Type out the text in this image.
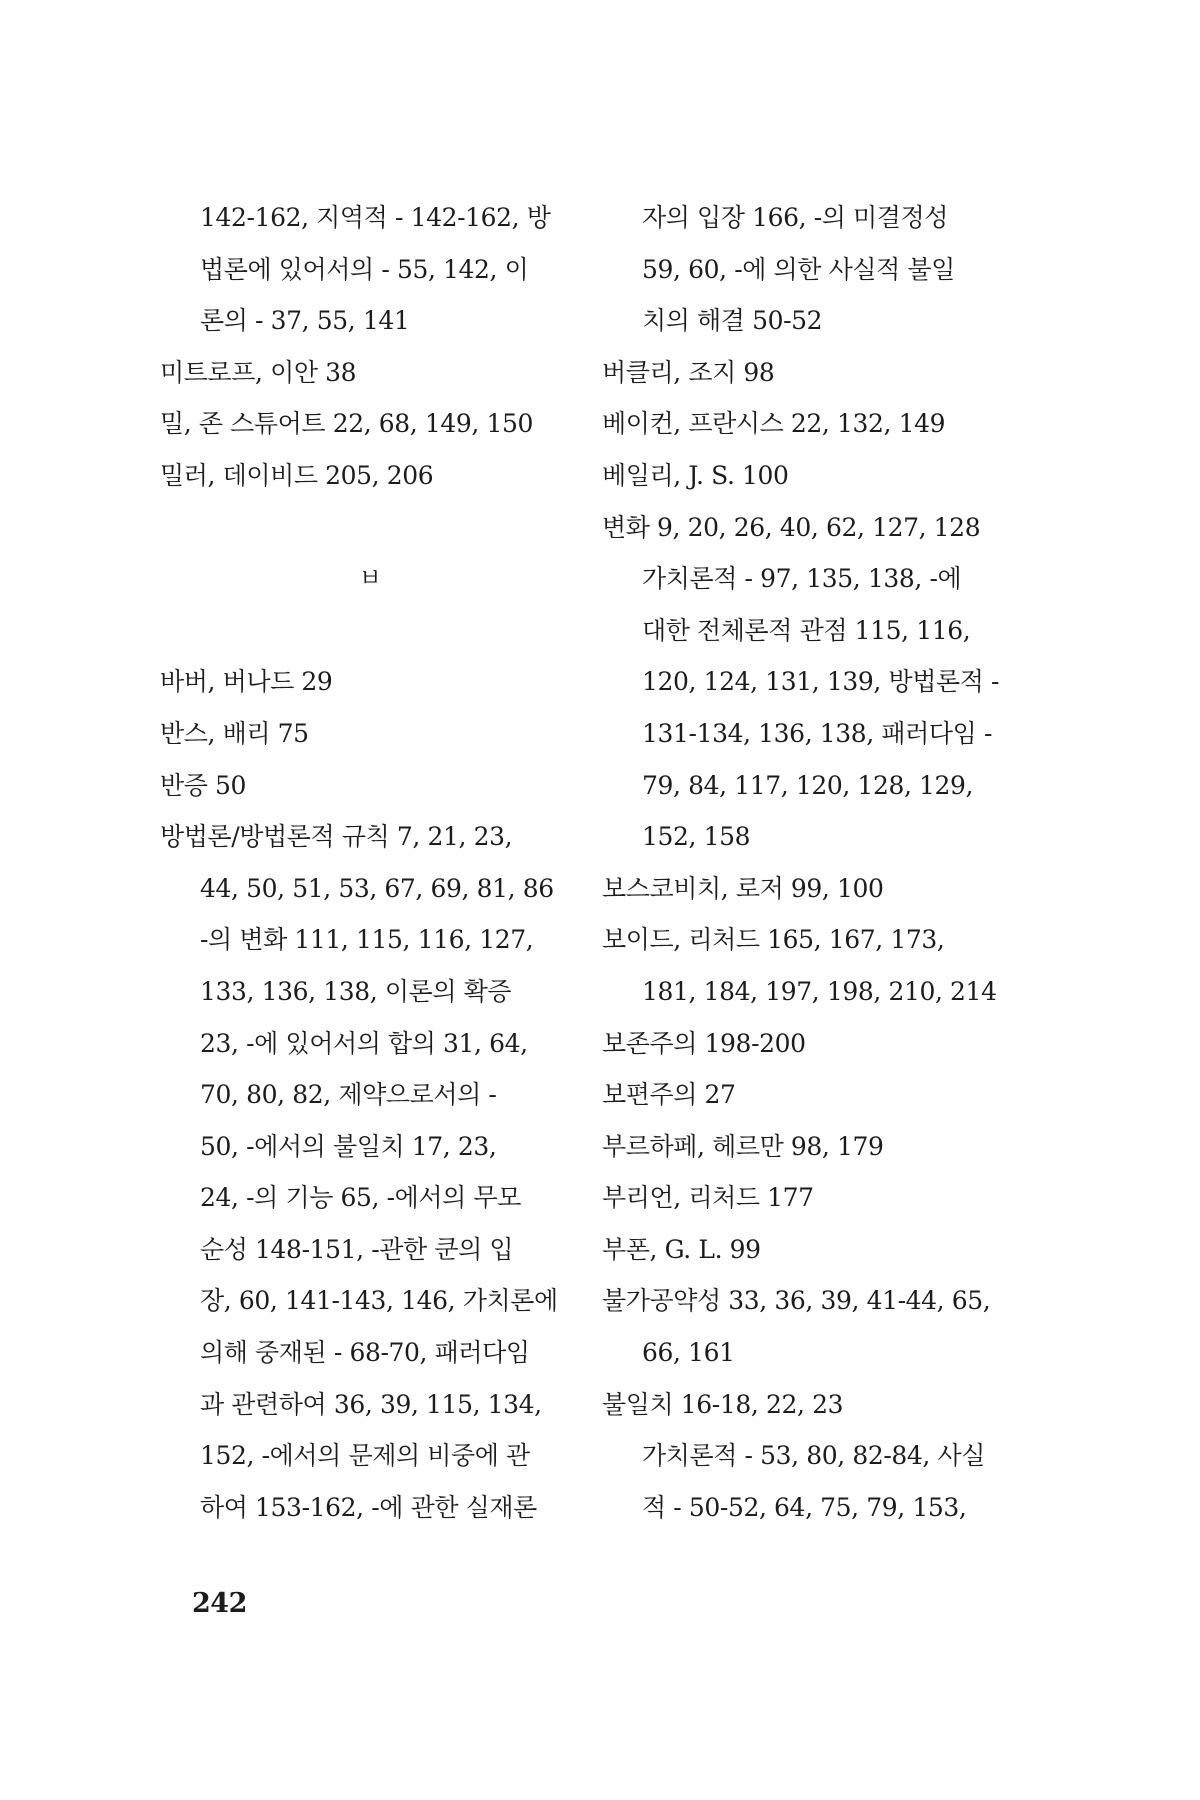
142-162, 지역적 - 142-162, 방
법론에 있어서의 - 55, 142, 이
론의 - 37, 55, 141
미트로프, 이안 38
밀, 존 스튜어트 22, 68, 149, 150
밀러, 데이비드 205, 206
ㅂ
바버, 버나드 29
반스, 배리 75
반증 50
방법론/방법론적 규칙 7, 21, 23,
44, 50, 51, 53, 67, 69, 81, 86
-의 변화 111, 115, 116, 127,
133, 136, 138, 이론의 확증
23, -에 있어서의 합의 31, 64,
70, 80, 82, 제약으로서의 -
50, -에서의 불일치 17, 23,
24, -의 기능 65, -에서의 무모
순성 148-151, -관한 쿤의 입
장, 60, 141-143, 146, 가치론에
의해 중재된 - 68-70, 패러다임
과 관련하여 36, 39, 115, 134,
152, -에서의 문제의 비중에 관
하여 153-162, -에 관한 실재론
자의 입장 166, -의 미결정성
59, 60, -에 의한 사실적 불일
치의 해결 50-52
버클리, 조지 98
베이컨, 프란시스 22, 132, 149
베일리, J. S. 100
변화 9, 20, 26, 40, 62, 127, 128
가치론적 - 97, 135, 138, -에
대한 전체론적 관점 115, 116,
120, 124, 131, 139, 방법론적 -
131-134, 136, 138, 패러다임 -
79, 84, 117, 120, 128, 129,
152, 158
보스코비치, 로저 99, 100
보이드, 리처드 165, 167, 173,
181, 184, 197, 198, 210, 214
보존주의 198-200
보편주의 27
부르하페, 헤르만 98, 179
부리언, 리처드 177
부폰, G. L. 99
불가공약성 33, 36, 39, 41-44, 65,
66, 161
불일치 16-18, 22, 23
가치론적 - 53, 80, 82-84, 사실
적 - 50-52, 64, 75, 79, 153,
242
